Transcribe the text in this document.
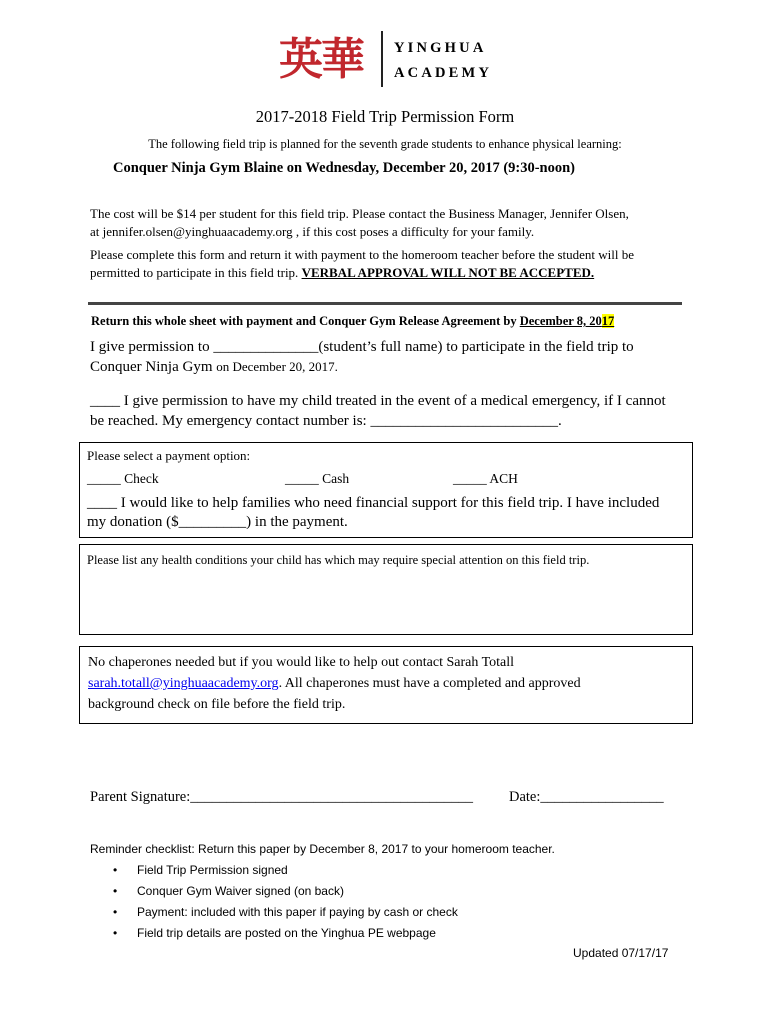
英華 YINGHUA
ACADEMY
2017-2018 Field Trip Permission Form
The following field trip is planned for the seventh grade students to enhance physical learning:
Conquer Ninja Gym Blaine on Wednesday, December 20, 2017 (9:30-noon)
The cost will be $14 per student for this field trip. Please contact the Business Manager, Jennifer Olsen,
at jennifer.olsen@yinghuaacademy.org , if this cost poses a difficulty for your family.
Please complete this form and return it with payment to the homeroom teacher before the student will be
permitted to participate in this field trip. VERBAL APPROVAL WILL NOT BE ACCEPTED.
Return this whole sheet with payment and Conquer Gym Release Agreement by December 8, 2017
I give permission to ______________(student’s full name) to participate in the field trip to
Conquer Ninja Gym on December 20, 2017.
____ I give permission to have my child treated in the event of a medical emergency, if I cannot
be reached. My emergency contact number is: _________________________.
Please select a payment option:
_____ Check	_____ Cash	_____ ACH
____ I would like to help families who need financial support for this field trip. I have included
my donation ($_________) in the payment.
Please list any health conditions your child has which may require special attention on this field trip.
No chaperones needed but if you would like to help out contact Sarah Totall
sarah.totall@yinghuaacademy.org. All chaperones must have a completed and approved
background check on file before the field trip.
Parent Signature:_______________________________________ Date:_________________
Reminder checklist: Return this paper by December 8, 2017 to your homeroom teacher.
• Field Trip Permission signed
• Conquer Gym Waiver signed (on back)
• Payment: included with this paper if paying by cash or check
• Field trip details are posted on the Yinghua PE webpage
Updated 07/17/17
